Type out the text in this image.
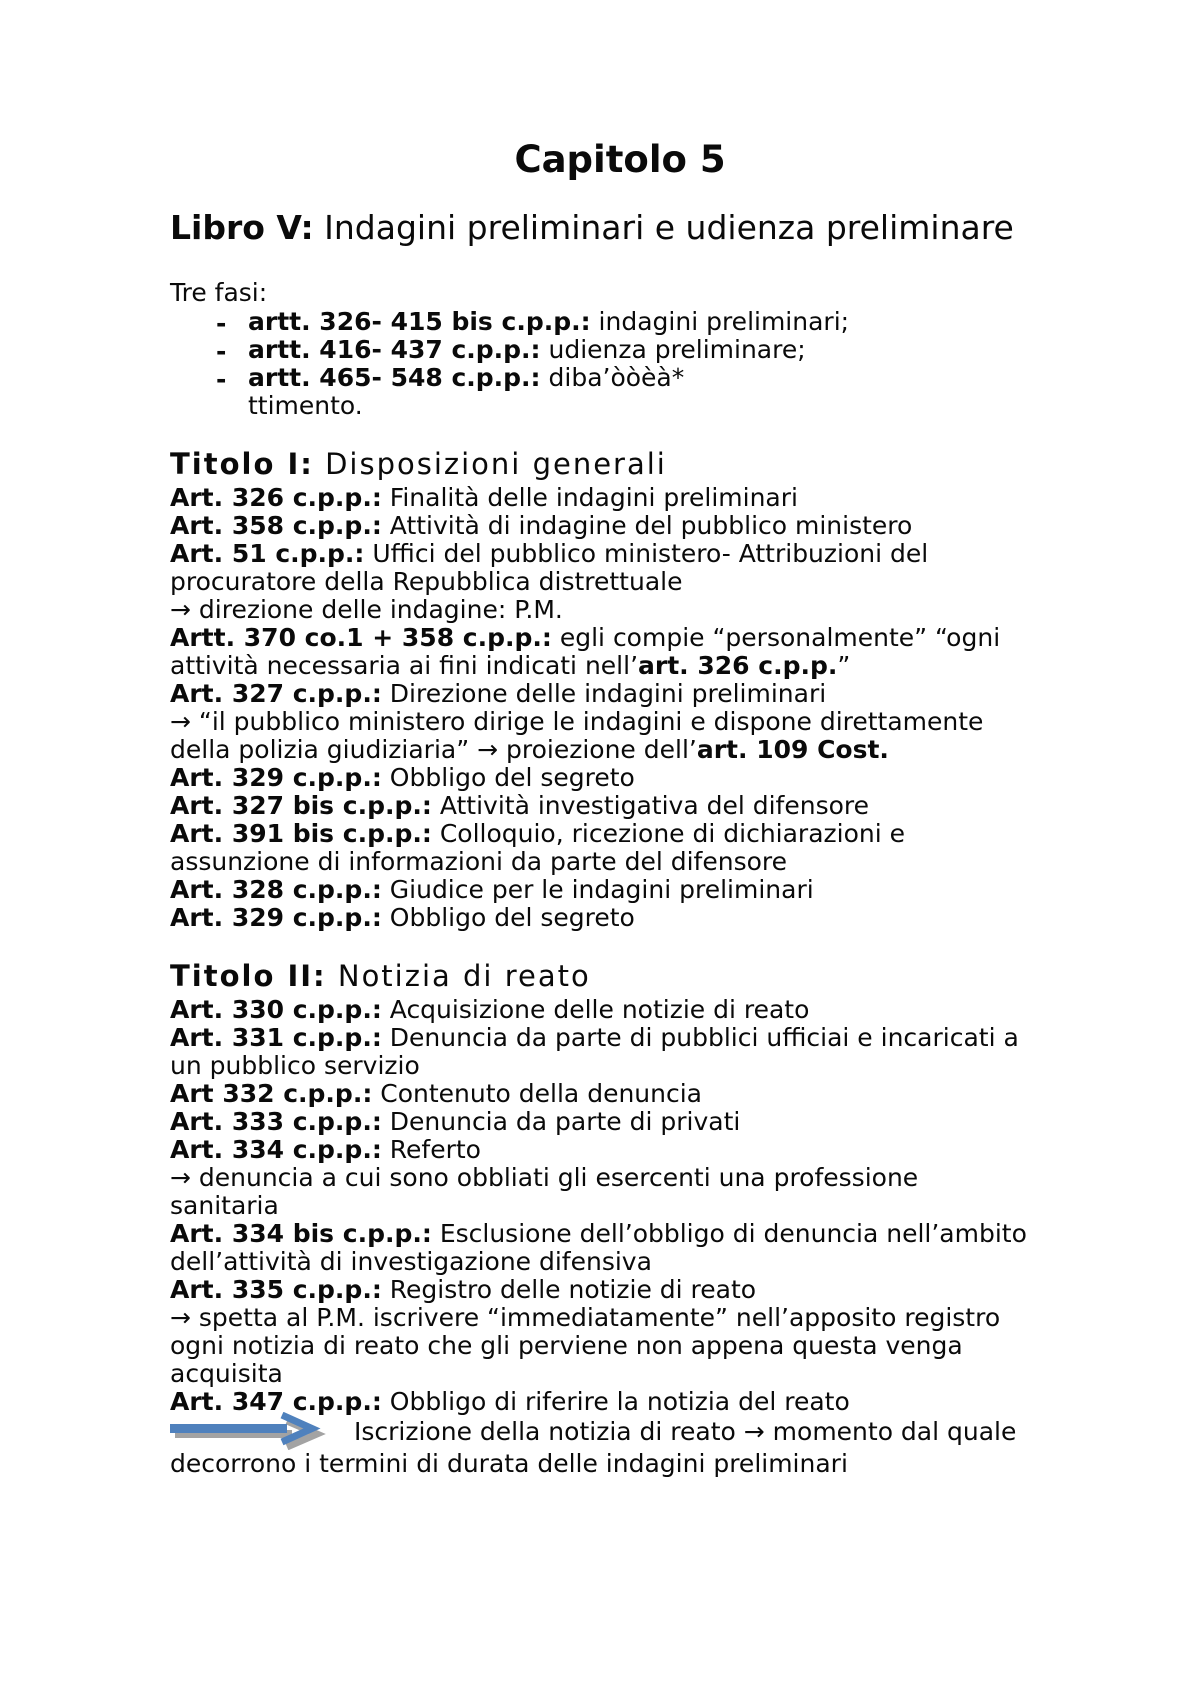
Capitolo 5
Libro V: Indagini preliminari e udienza preliminare
Tre fasi:
- artt. 326- 415 bis c.p.p.: indagini preliminari;
- artt. 416- 437 c.p.p.: udienza preliminare;
- artt. 465- 548 c.p.p.: diba’òòèà*
ttimento.
Titolo I: Disposizioni generali
Art. 326 c.p.p.: Finalità delle indagini preliminari
Art. 358 c.p.p.: Attività di indagine del pubblico ministero
Art. 51 c.p.p.: Uffici del pubblico ministero- Attribuzioni del
procuratore della Repubblica distrettuale
→ direzione delle indagine: P.M.
Artt. 370 co.1 + 358 c.p.p.: egli compie “personalmente” “ogni
attività necessaria ai fini indicati nell’art. 326 c.p.p.”
Art. 327 c.p.p.: Direzione delle indagini preliminari
→ “il pubblico ministero dirige le indagini e dispone direttamente
della polizia giudiziaria” → proiezione dell’art. 109 Cost.
Art. 329 c.p.p.: Obbligo del segreto
Art. 327 bis c.p.p.: Attività investigativa del difensore
Art. 391 bis c.p.p.: Colloquio, ricezione di dichiarazioni e
assunzione di informazioni da parte del difensore
Art. 328 c.p.p.: Giudice per le indagini preliminari
Art. 329 c.p.p.: Obbligo del segreto
Titolo II: Notizia di reato
Art. 330 c.p.p.: Acquisizione delle notizie di reato
Art. 331 c.p.p.: Denuncia da parte di pubblici ufficiai e incaricati a
un pubblico servizio
Art 332 c.p.p.: Contenuto della denuncia
Art. 333 c.p.p.: Denuncia da parte di privati
Art. 334 c.p.p.: Referto
→ denuncia a cui sono obbliati gli esercenti una professione
sanitaria
Art. 334 bis c.p.p.: Esclusione dell’obbligo di denuncia nell’ambito
dell’attività di investigazione difensiva
Art. 335 c.p.p.: Registro delle notizie di reato
→ spetta al P.M. iscrivere “immediatamente” nell’apposito registro
ogni notizia di reato che gli perviene non appena questa venga
acquisita
Art. 347 c.p.p.: Obbligo di riferire la notizia del reato
Iscrizione della notizia di reato → momento dal quale
decorrono i termini di durata delle indagini preliminari
